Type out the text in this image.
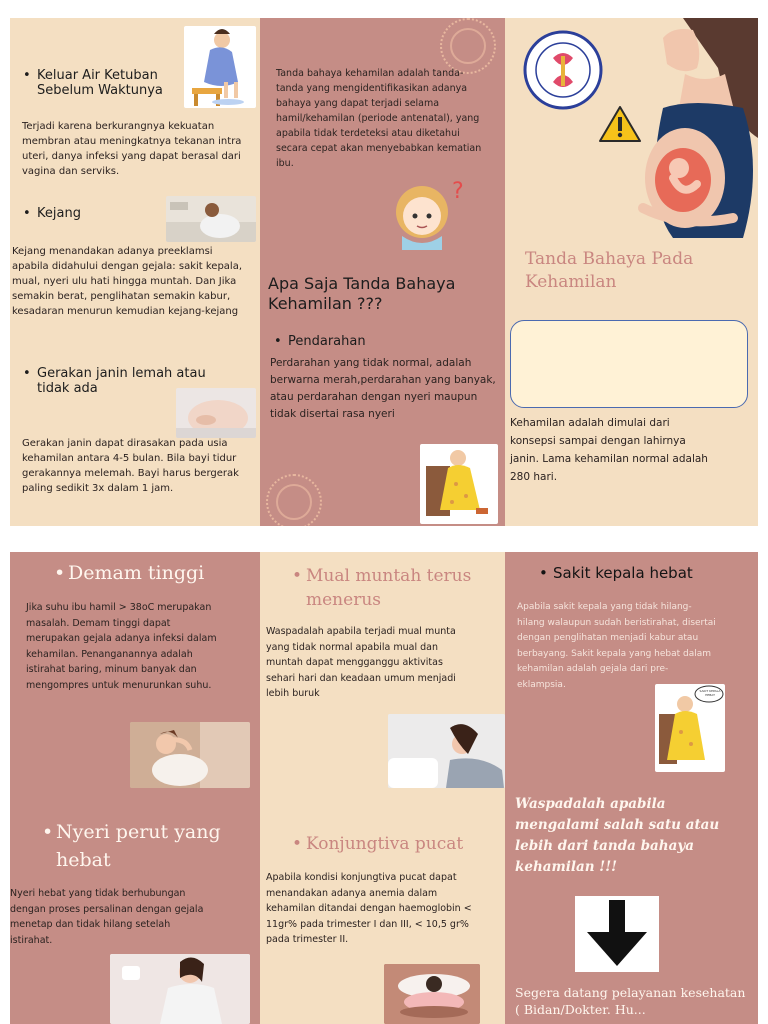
• Keluar Air Ketuban Sebelum Waktunya
Terjadi karena berkurangnya kekuatan membran atau meningkatnya tekanan intra uteri, danya infeksi yang dapat berasal dari vagina dan serviks.
• Kejang
Kejang menandakan adanya preeklamsi apabila didahului dengan gejala: sakit kepala, mual, nyeri ulu hati hingga muntah. Dan Jika semakin berat, penglihatan semakin kabur, kesadaran menurun kemudian kejang-kejang
• Gerakan janin lemah atau tidak ada
Gerakan janin dapat dirasakan pada usia kehamilan antara 4-5 bulan. Bila bayi tidur gerakannya melemah. Bayi harus bergerak paling sedikit 3x dalam 1 jam.
Tanda bahaya kehamilan adalah tanda-tanda yang mengidentifikasikan adanya bahaya yang dapat terjadi selama hamil/kehamilan (periode antenatal), yang apabila tidak terdeteksi atau diketahui secara cepat akan menyebabkan kematian ibu.
?
Apa Saja Tanda Bahaya Kehamilan ???
• Pendarahan
Perdarahan yang tidak normal, adalah berwarna merah,perdarahan yang banyak, atau perdarahan dengan nyeri maupun tidak disertai rasa nyeri
Tanda Bahaya Pada Kehamilan
Kehamilan adalah dimulai dari konsepsi sampai dengan lahirnya janin. Lama kehamilan normal adalah 280 hari.
• Demam tinggi
Jika suhu ibu hamil > 38oC merupakan masalah. Demam tinggi dapat merupakan gejala adanya infeksi dalam kehamilan. Penanganannya adalah istirahat baring, minum banyak dan mengompres untuk menurunkan suhu.
• Nyeri perut yang hebat
Nyeri hebat yang tidak berhubungan dengan proses persalinan dengan gejala menetap dan tidak hilang setelah istirahat.
• Mual muntah terus menerus
Waspadalah apabila terjadi mual munta yang tidak normal apabila mual dan muntah dapat mengganggu aktivitas sehari hari dan keadaan umum menjadi lebih buruk
• Konjungtiva pucat
Apabila kondisi konjungtiva pucat dapat menandakan adanya anemia dalam kehamilan ditandai dengan haemoglobin < 11gr% pada trimester I dan III, < 10,5 gr% pada trimester II.
• Sakit kepala hebat
Apabila sakit kepala yang tidak hilang-hilang walaupun sudah beristirahat, disertai dengan penglihatan menjadi kabur atau berbayang. Sakit kepala yang hebat dalam kehamilan adalah gejala dari pre-eklampsia.
SAKIT KEPALA HEBAT
Waspadalah apabila mengalami salah satu atau lebih dari tanda bahaya kehamilan !!!
Segera datang pelayanan kesehatan ( Bidan/Dokter. Hu...
